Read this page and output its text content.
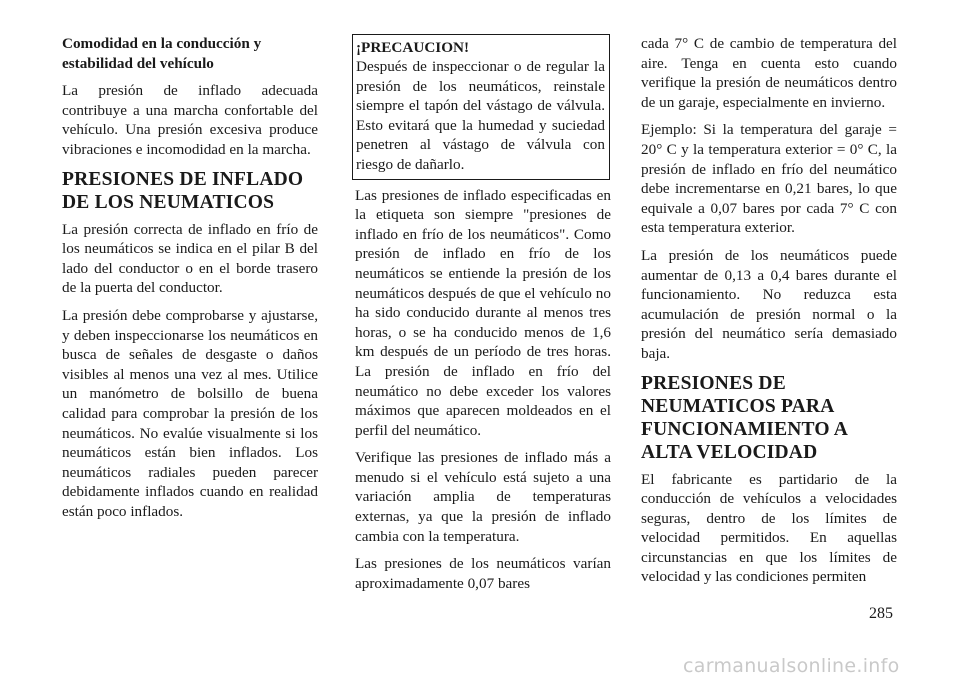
Comodidad en la conducción y estabilidad del vehículo

La presión de inflado adecuada contribuye a una marcha confortable del vehículo. Una presión excesiva produce vibraciones e incomodidad en la marcha.

PRESIONES DE INFLADO DE LOS NEUMATICOS

La presión correcta de inflado en frío de los neumáticos se indica en el pilar B del lado del conductor o en el borde trasero de la puerta del conductor.

La presión debe comprobarse y ajustarse, y deben inspeccionarse los neumáticos en busca de señales de desgaste o daños visibles al menos una vez al mes. Utilice un manómetro de bolsillo de buena calidad para comprobar la presión de los neumáticos. No evalúe visualmente si los neumáticos están bien inflados. Los neumáticos radiales pueden parecer debidamente inflados cuando en realidad están poco inflados.

¡PRECAUCION!

Después de inspeccionar o de regular la presión de los neumáticos, reinstale siempre el tapón del vástago de válvula. Esto evitará que la humedad y suciedad penetren al vástago de válvula con riesgo de dañarlo.

Las presiones de inflado especificadas en la etiqueta son siempre "presiones de inflado en frío de los neumáticos". Como presión de inflado en frío de los neumáticos se entiende la presión de los neumáticos después de que el vehículo no ha sido conducido durante al menos tres horas, o se ha conducido menos de 1,6 km después de un período de tres horas. La presión de inflado en frío del neumático no debe exceder los valores máximos que aparecen moldeados en el perfil del neumático.

Verifique las presiones de inflado más a menudo si el vehículo está sujeto a una variación amplia de temperaturas externas, ya que la presión de inflado cambia con la temperatura.

Las presiones de los neumáticos varían aproximadamente 0,07 bares

cada 7° C de cambio de temperatura del aire. Tenga en cuenta esto cuando verifique la presión de neumáticos dentro de un garaje, especialmente en invierno.

Ejemplo: Si la temperatura del garaje = 20° C y la temperatura exterior = 0° C, la presión de inflado en frío del neumático debe incrementarse en 0,21 bares, lo que equivale a 0,07 bares por cada 7° C con esta temperatura exterior.

La presión de los neumáticos puede aumentar de 0,13 a 0,4 bares durante el funcionamiento. No reduzca esta acumulación de presión normal o la presión del neumático sería demasiado baja.

PRESIONES DE NEUMATICOS PARA FUNCIONAMIENTO A ALTA VELOCIDAD

El fabricante es partidario de la conducción de vehículos a velocidades seguras, dentro de los límites de velocidad permitidos. En aquellas circunstancias en que los límites de velocidad y las condiciones permiten

285
carmanualsonline.info
